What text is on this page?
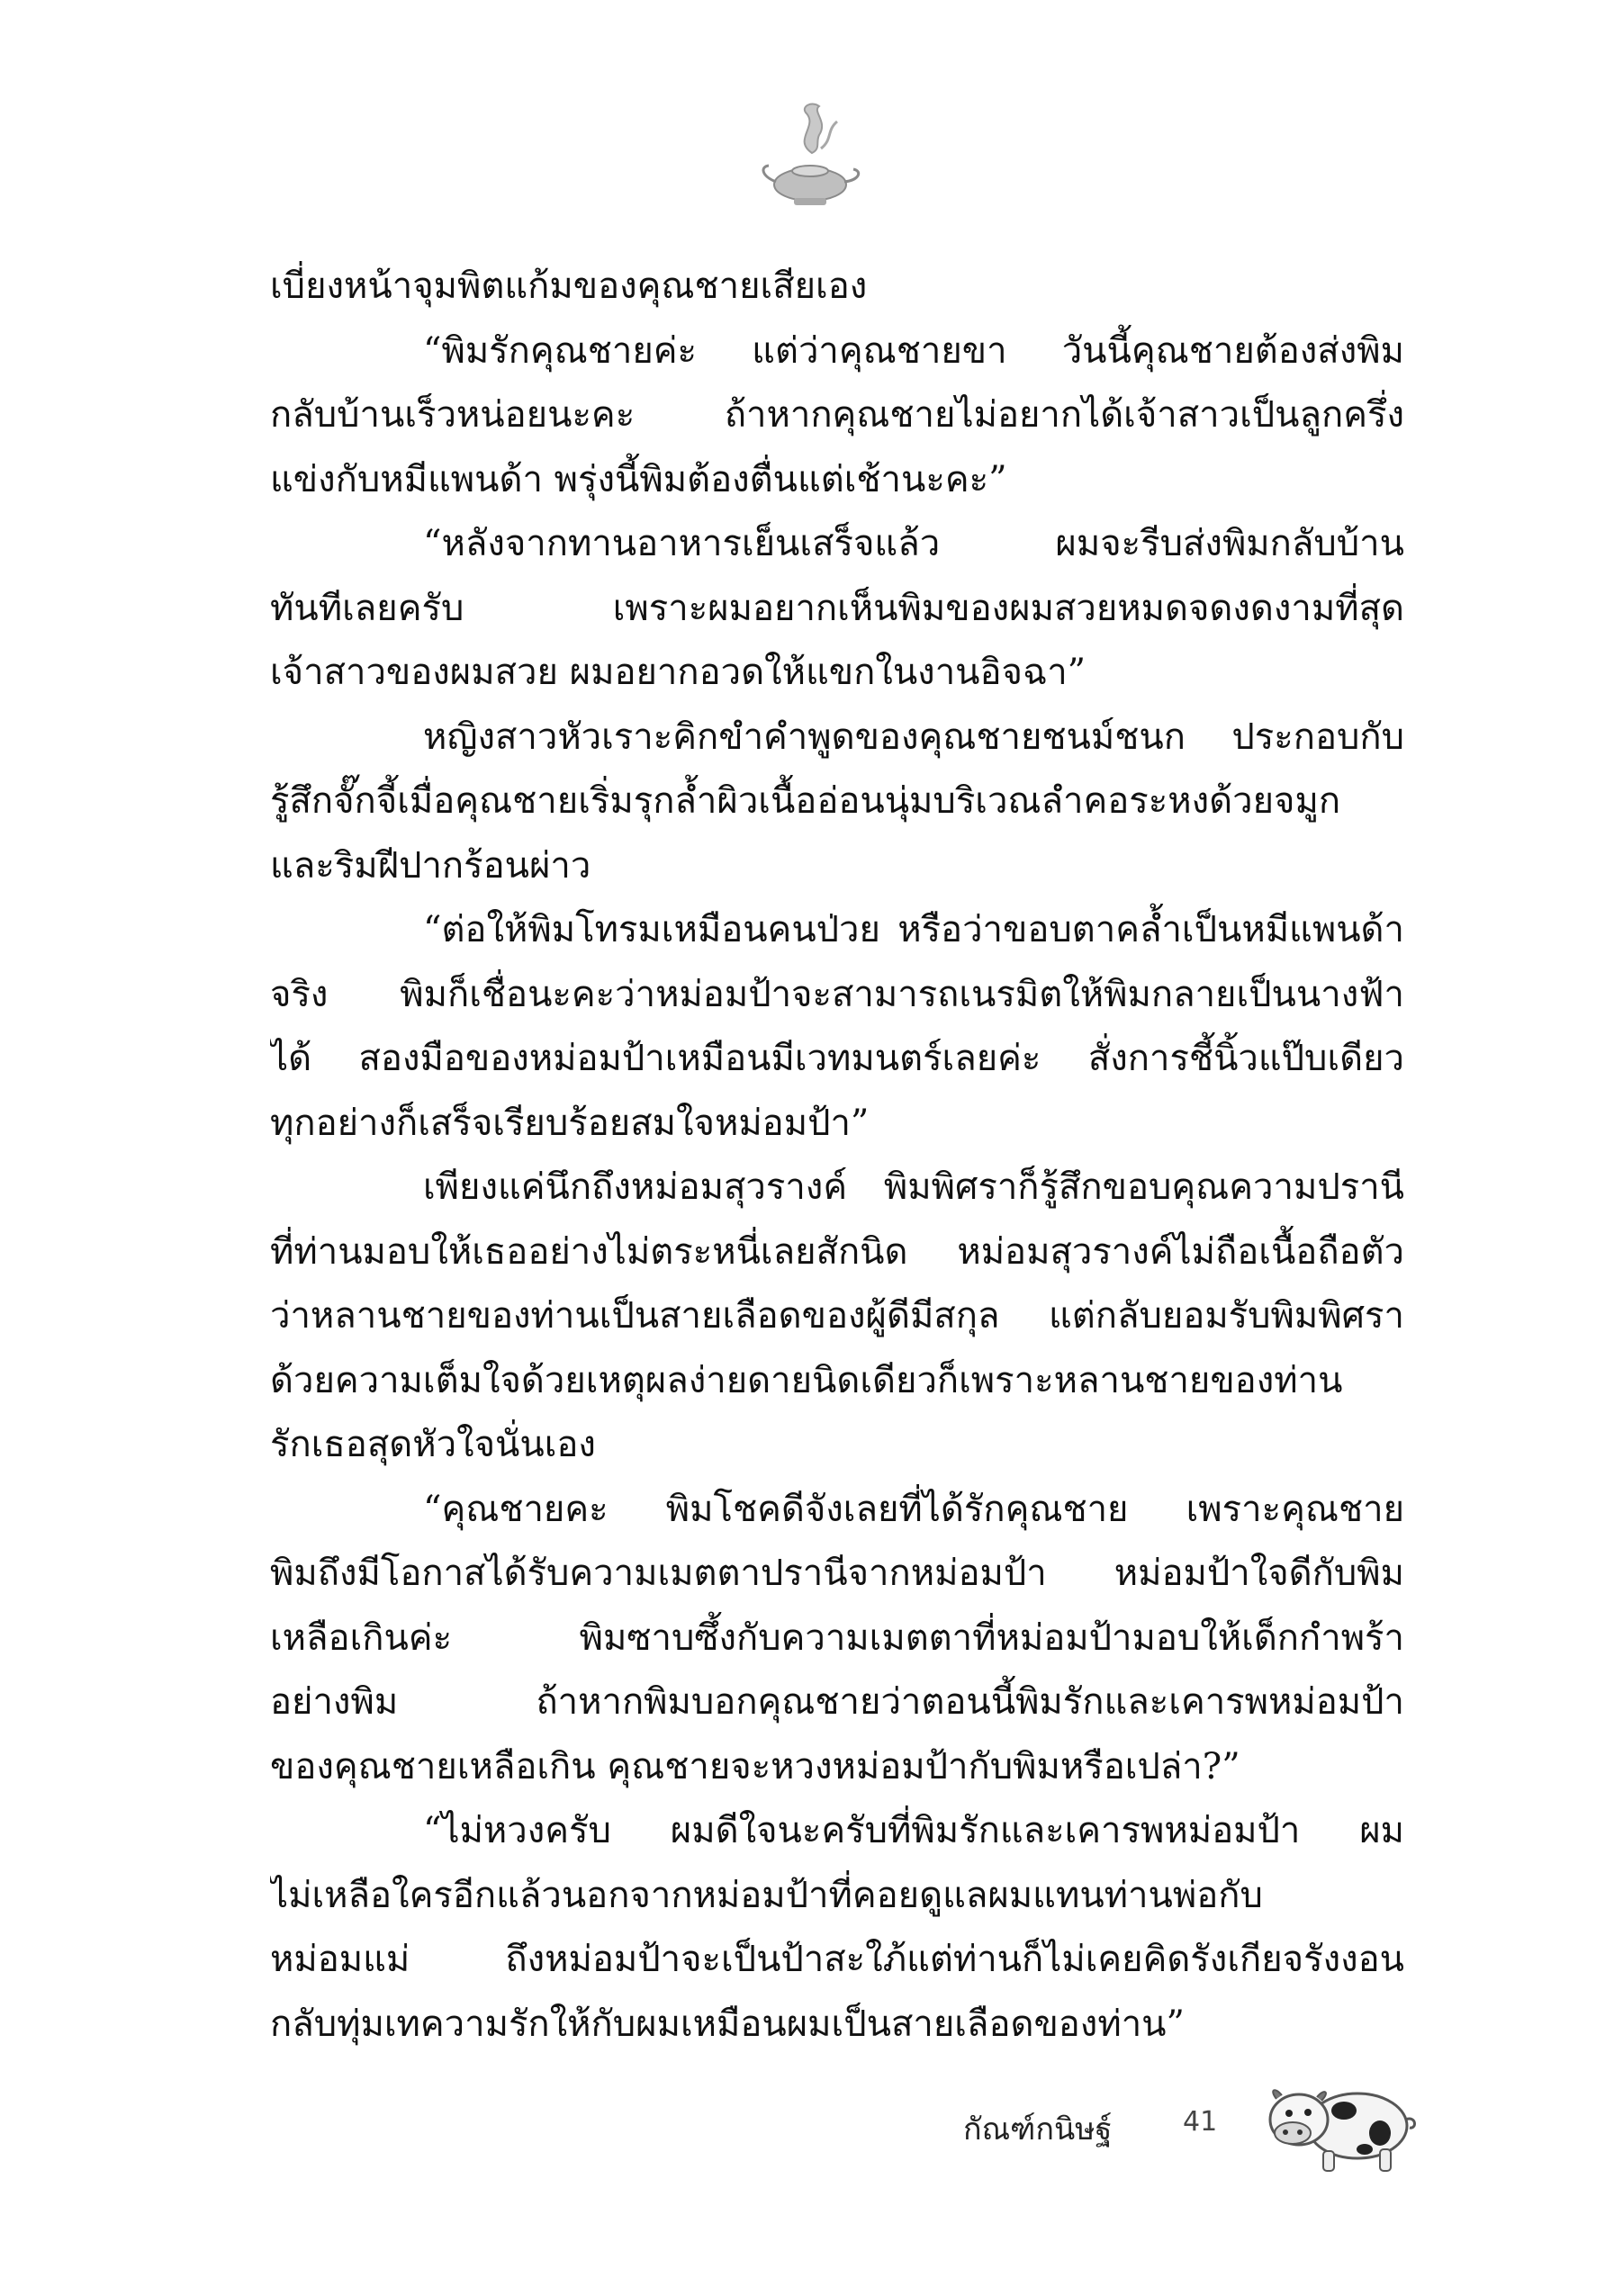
เบี่ยงหน้าจุมพิตแก้มของคุณชายเสียเอง
“พิมรักคุณชายค่ะ แต่ว่าคุณชายขา วันนี้คุณชายต้องส่งพิม
กลับบ้านเร็วหน่อยนะคะ ถ้าหากคุณชายไม่อยากได้เจ้าสาวเป็นลูกครึ่ง
แข่งกับหมีแพนด้า พรุ่งนี้พิมต้องตื่นแต่เช้านะคะ”
“หลังจากทานอาหารเย็นเสร็จแล้ว ผมจะรีบส่งพิมกลับบ้าน
ทันทีเลยครับ เพราะผมอยากเห็นพิมของผมสวยหมดจดงดงามที่สุด
เจ้าสาวของผมสวย ผมอยากอวดให้แขกในงานอิจฉา”
หญิงสาวหัวเราะคิกขำคำพูดของคุณชายชนม์ชนก ประกอบกับ
รู้สึกจั๊กจี้เมื่อคุณชายเริ่มรุกล้ำผิวเนื้ออ่อนนุ่มบริเวณลำคอระหงด้วยจมูก
และริมฝีปากร้อนผ่าว
“ต่อให้พิมโทรมเหมือนคนป่วย หรือว่าขอบตาคล้ำเป็นหมีแพนด้า
จริง พิมก็เชื่อนะคะว่าหม่อมป้าจะสามารถเนรมิตให้พิมกลายเป็นนางฟ้า
ได้ สองมือของหม่อมป้าเหมือนมีเวทมนตร์เลยค่ะ สั่งการชี้นิ้วแป๊บเดียว
ทุกอย่างก็เสร็จเรียบร้อยสมใจหม่อมป้า”
เพียงแค่นึกถึงหม่อมสุวรางค์ พิมพิศราก็รู้สึกขอบคุณความปรานี
ที่ท่านมอบให้เธออย่างไม่ตระหนี่เลยสักนิด หม่อมสุวรางค์ไม่ถือเนื้อถือตัว
ว่าหลานชายของท่านเป็นสายเลือดของผู้ดีมีสกุล แต่กลับยอมรับพิมพิศรา
ด้วยความเต็มใจด้วยเหตุผลง่ายดายนิดเดียวก็เพราะหลานชายของท่าน
รักเธอสุดหัวใจนั่นเอง
“คุณชายคะ พิมโชคดีจังเลยที่ได้รักคุณชาย เพราะคุณชาย
พิมถึงมีโอกาสได้รับความเมตตาปรานีจากหม่อมป้า หม่อมป้าใจดีกับพิม
เหลือเกินค่ะ พิมซาบซึ้งกับความเมตตาที่หม่อมป้ามอบให้เด็กกำพร้า
อย่างพิม ถ้าหากพิมบอกคุณชายว่าตอนนี้พิมรักและเคารพหม่อมป้า
ของคุณชายเหลือเกิน คุณชายจะหวงหม่อมป้ากับพิมหรือเปล่า?”
“ไม่หวงครับ ผมดีใจนะครับที่พิมรักและเคารพหม่อมป้า ผม
ไม่เหลือใครอีกแล้วนอกจากหม่อมป้าที่คอยดูแลผมแทนท่านพ่อกับ
หม่อมแม่ ถึงหม่อมป้าจะเป็นป้าสะใภ้แต่ท่านก็ไม่เคยคิดรังเกียจรังงอน
กลับทุ่มเทความรักให้กับผมเหมือนผมเป็นสายเลือดของท่าน”
กัณฑ์กนิษฐ์	41
